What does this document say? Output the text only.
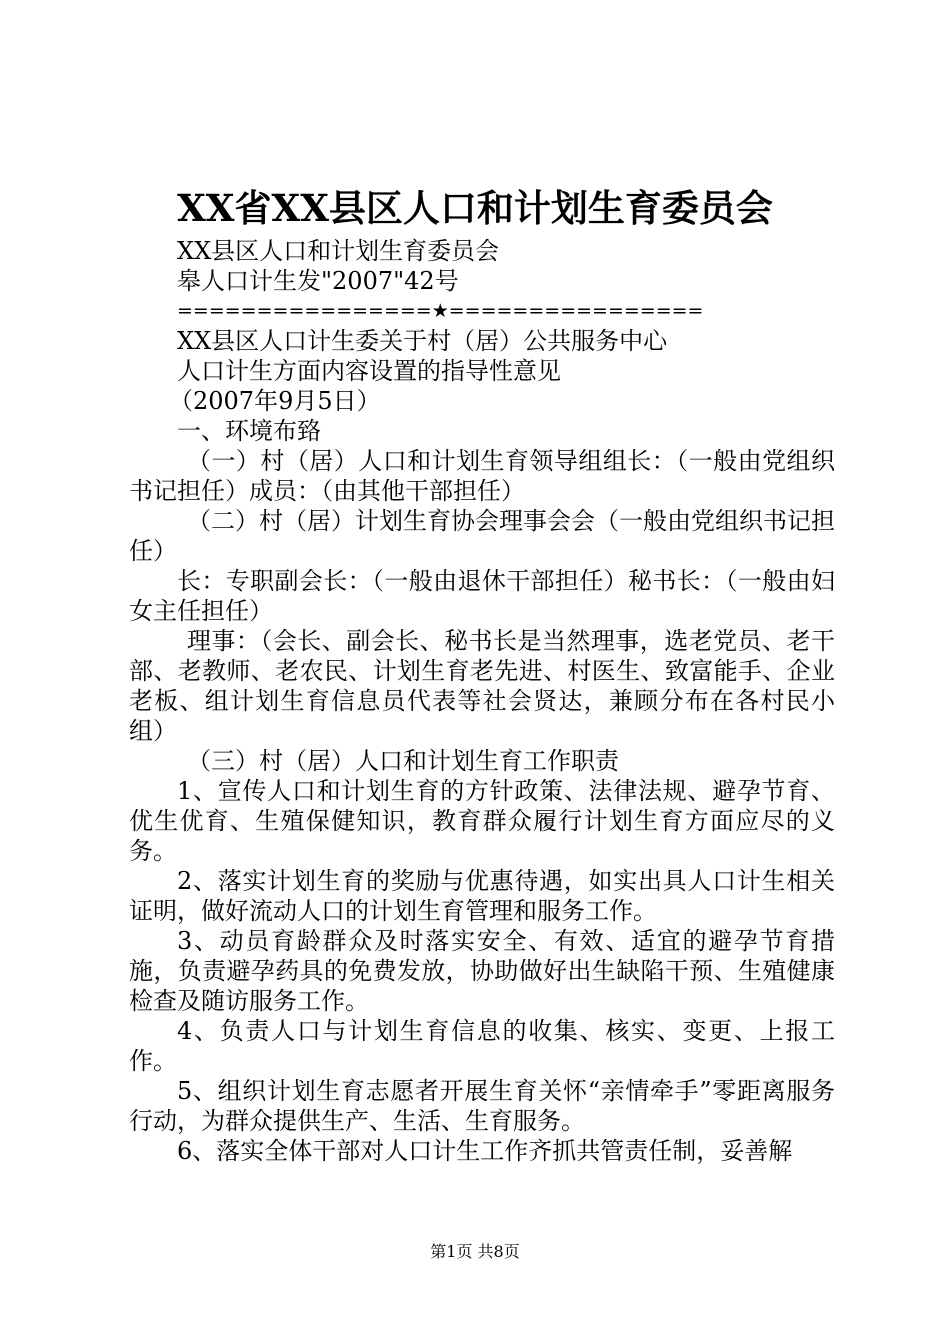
XX省XX县区人口和计划生育委员会
XX县区人口和计划生育委员会
皋人口计生发"2007"42号
================★================
XX县区人口计生委关于村（居）公共服务中心
人口计生方面内容设置的指导性意见
（2007年9月5日）
一、环境布臵
（一）村（居）人口和计划生育领导组组长：（一般由党组织书记担任）成员：（由其他干部担任）
（二）村（居）计划生育协会理事会会（一般由党组织书记担任）
长：专职副会长：（一般由退休干部担任）秘书长：（一般由妇女主任担任）
理事：（会长、副会长、秘书长是当然理事，选老党员、老干部、老教师、老农民、计划生育老先进、村医生、致富能手、企业老板、组计划生育信息员代表等社会贤达，兼顾分布在各村民小组）
（三）村（居）人口和计划生育工作职责
1、宣传人口和计划生育的方针政策、法律法规、避孕节育、优生优育、生殖保健知识，教育群众履行计划生育方面应尽的义务。
2、落实计划生育的奖励与优惠待遇，如实出具人口计生相关证明，做好流动人口的计划生育管理和服务工作。
3、动员育龄群众及时落实安全、有效、适宜的避孕节育措施，负责避孕药具的免费发放，协助做好出生缺陷干预、生殖健康检查及随访服务工作。
4、负责人口与计划生育信息的收集、核实、变更、上报工作。
5、组织计划生育志愿者开展生育关怀“亲情牵手”零距离服务行动，为群众提供生产、生活、生育服务。
6、落实全体干部对人口计生工作齐抓共管责任制，妥善解
第1页 共8页
